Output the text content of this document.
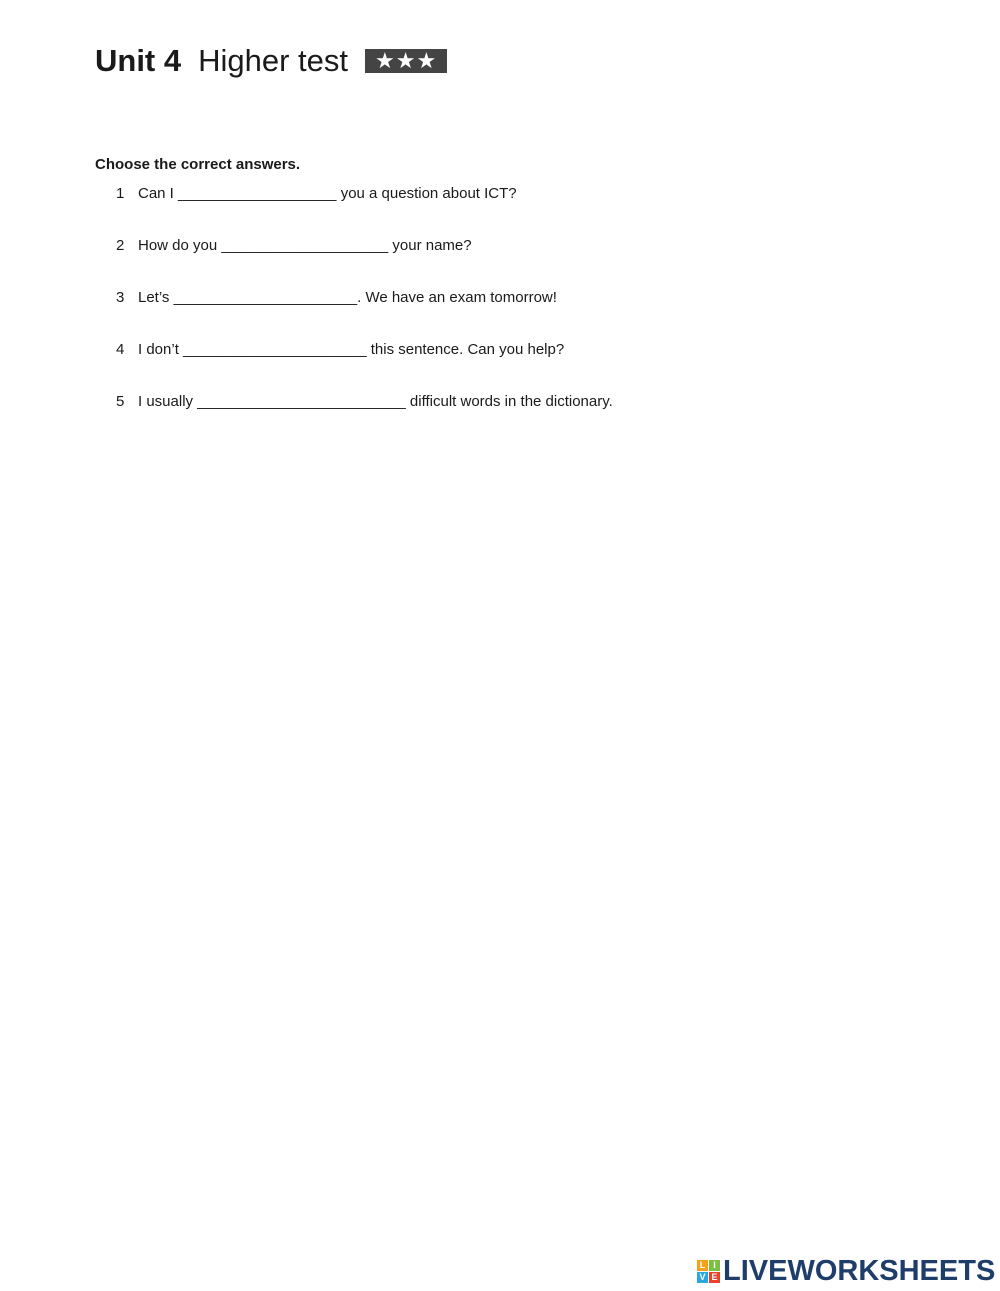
Unit 4 Higher test	★★★
Choose the correct answers.
1 Can I ___________________ you a question about ICT?
2 How do you ____________________ your name?
3 Let’s ______________________. We have an exam tomorrow!
4 I don’t ______________________ this sentence. Can you help?
5 I usually _________________________ difficult words in the dictionary.
L I
V E LIVEWORKSHEETS
